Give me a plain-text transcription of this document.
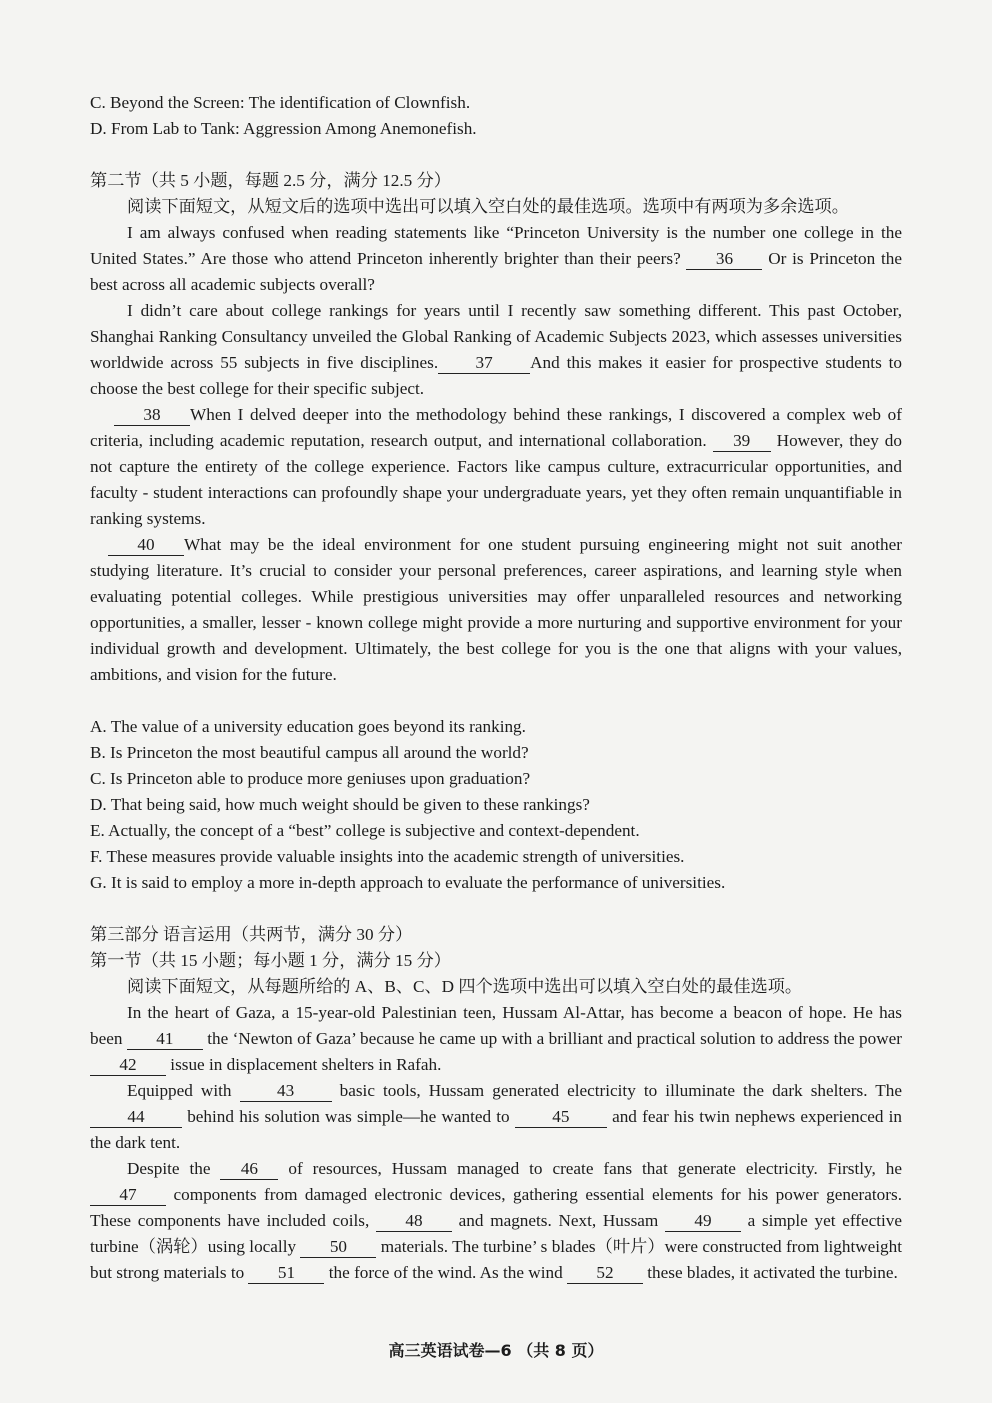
C. Beyond the Screen: The identification of Clownfish.
D. From Lab to Tank: Aggression Among Anemonefish.
第二节（共 5 小题，每题 2.5 分，满分 12.5 分）
阅读下面短文，从短文后的选项中选出可以填入空白处的最佳选项。选项中有两项为多余选项。
I am always confused when reading statements like “Princeton University is the number one college in the United States.” Are those who attend Princeton inherently brighter than their peers? 36 Or is Princeton the best across all academic subjects overall?
I didn’t care about college rankings for years until I recently saw something different. This past October, Shanghai Ranking Consultancy unveiled the Global Ranking of Academic Subjects 2023, which assesses universities worldwide across 55 subjects in five disciplines. 37 And this makes it easier for prospective students to choose the best college for their specific subject.
38 When I delved deeper into the methodology behind these rankings, I discovered a complex web of criteria, including academic reputation, research output, and international collaboration. 39 However, they do not capture the entirety of the college experience. Factors like campus culture, extracurricular opportunities, and faculty - student interactions can profoundly shape your undergraduate years, yet they often remain unquantifiable in ranking systems.
40 What may be the ideal environment for one student pursuing engineering might not suit another studying literature. It’s crucial to consider your personal preferences, career aspirations, and learning style when evaluating potential colleges. While prestigious universities may offer unparalleled resources and networking opportunities, a smaller, lesser - known college might provide a more nurturing and supportive environment for your individual growth and development. Ultimately, the best college for you is the one that aligns with your values, ambitions, and vision for the future.
A. The value of a university education goes beyond its ranking.
B. Is Princeton the most beautiful campus all around the world?
C. Is Princeton able to produce more geniuses upon graduation?
D. That being said, how much weight should be given to these rankings?
E. Actually, the concept of a “best” college is subjective and context-dependent.
F. These measures provide valuable insights into the academic strength of universities.
G. It is said to employ a more in-depth approach to evaluate the performance of universities.
第三部分 语言运用（共两节，满分 30 分）
第一节（共 15 小题；每小题 1 分，满分 15 分）
阅读下面短文，从每题所给的 A、B、C、D 四个选项中选出可以填入空白处的最佳选项。
In the heart of Gaza, a 15-year-old Palestinian teen, Hussam Al-Attar, has become a beacon of hope. He has been 41 the ‘Newton of Gaza’ because he came up with a brilliant and practical solution to address the power 42 issue in displacement shelters in Rafah.
Equipped with 43 basic tools, Hussam generated electricity to illuminate the dark shelters. The 44 behind his solution was simple—he wanted to 45 and fear his twin nephews experienced in the dark tent.
Despite the 46 of resources, Hussam managed to create fans that generate electricity. Firstly, he 47 components from damaged electronic devices, gathering essential elements for his power generators. These components have included coils, 48 and magnets. Next, Hussam 49 a simple yet effective turbine（涡轮）using locally 50 materials. The turbine’ s blades（叶片）were constructed from lightweight but strong materials to 51 the force of the wind. As the wind 52 these blades, it activated the turbine.
高三英语试卷—6 （共 8 页）
